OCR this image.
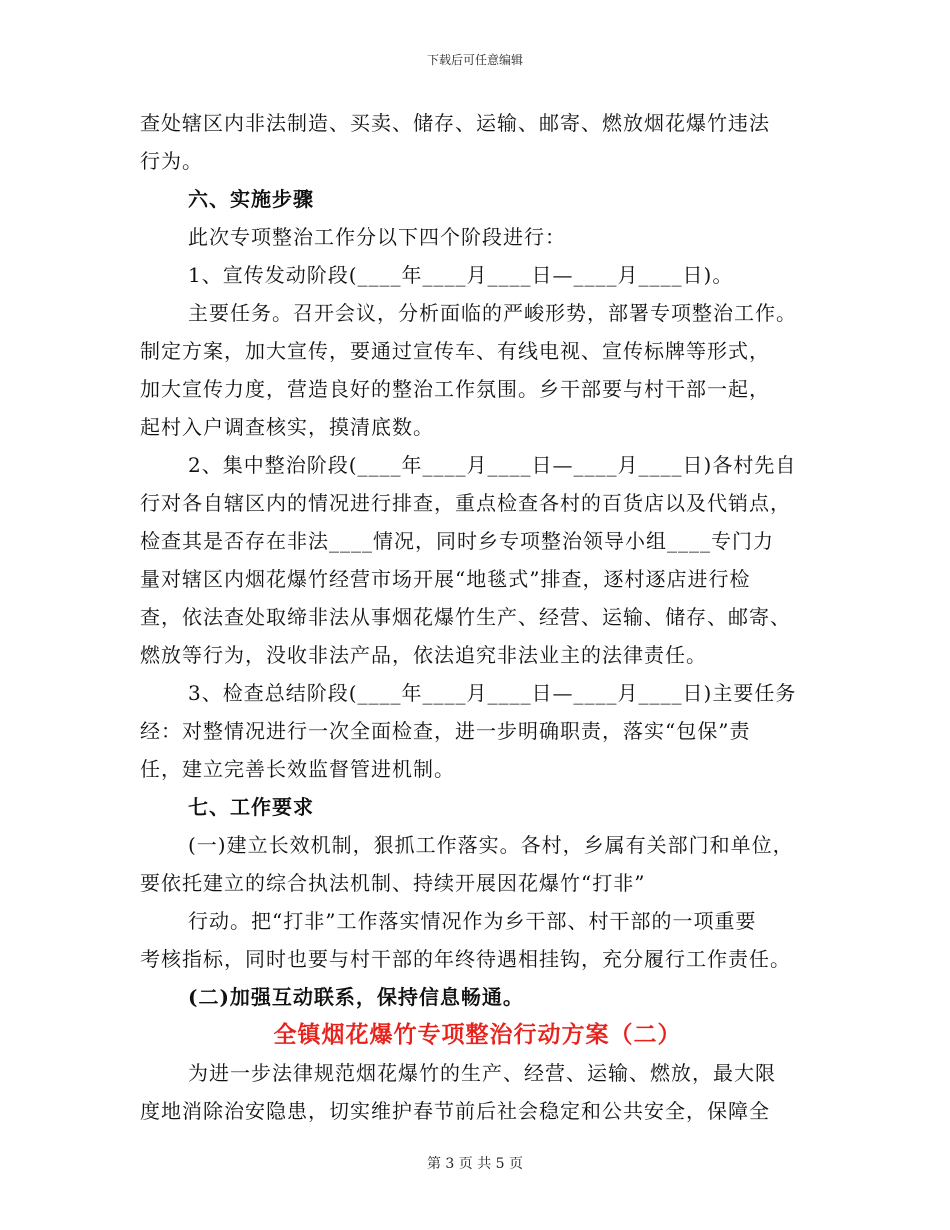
下载后可任意编辑
查处辖区内非法制造、买卖、储存、运输、邮寄、燃放烟花爆竹违法
行为。
六、实施步骤
此次专项整治工作分以下四个阶段进行：
1、宣传发动阶段(____年____月____日—____月____日)。
主要任务。召开会议，分析面临的严峻形势，部署专项整治工作。
制定方案，加大宣传，要通过宣传车、有线电视、宣传标牌等形式，
加大宣传力度，营造良好的整治工作氛围。乡干部要与村干部一起，
起村入户调查核实，摸清底数。
2、集中整治阶段(____年____月____日—____月____日)各村先自
行对各自辖区内的情况进行排查，重点检查各村的百货店以及代销点，
检查其是否存在非法____情况，同时乡专项整治领导小组____专门力
量对辖区内烟花爆竹经营市场开展“地毯式”排查，逐村逐店进行检
查，依法查处取缔非法从事烟花爆竹生产、经营、运输、储存、邮寄、
燃放等行为，没收非法产品，依法追究非法业主的法律责任。
3、检查总结阶段(____年____月____日—____月____日)主要任务
经：对整情况进行一次全面检查，进一步明确职责，落实“包保”责
任，建立完善长效监督管进机制。
七、工作要求
(一)建立长效机制，狠抓工作落实。各村，乡属有关部门和单位，
要依托建立的综合执法机制、持续开展因花爆竹“打非”
行动。把“打非”工作落实情况作为乡干部、村干部的一项重要
考核指标，同时也要与村干部的年终待遇相挂钩，充分履行工作责任。
(二)加强互动联系，保持信息畅通。
全镇烟花爆竹专项整治行动方案（二）
为进一步法律规范烟花爆竹的生产、经营、运输、燃放，最大限
度地消除治安隐患，切实维护春节前后社会稳定和公共安全，保障全
第 3 页 共 5 页
